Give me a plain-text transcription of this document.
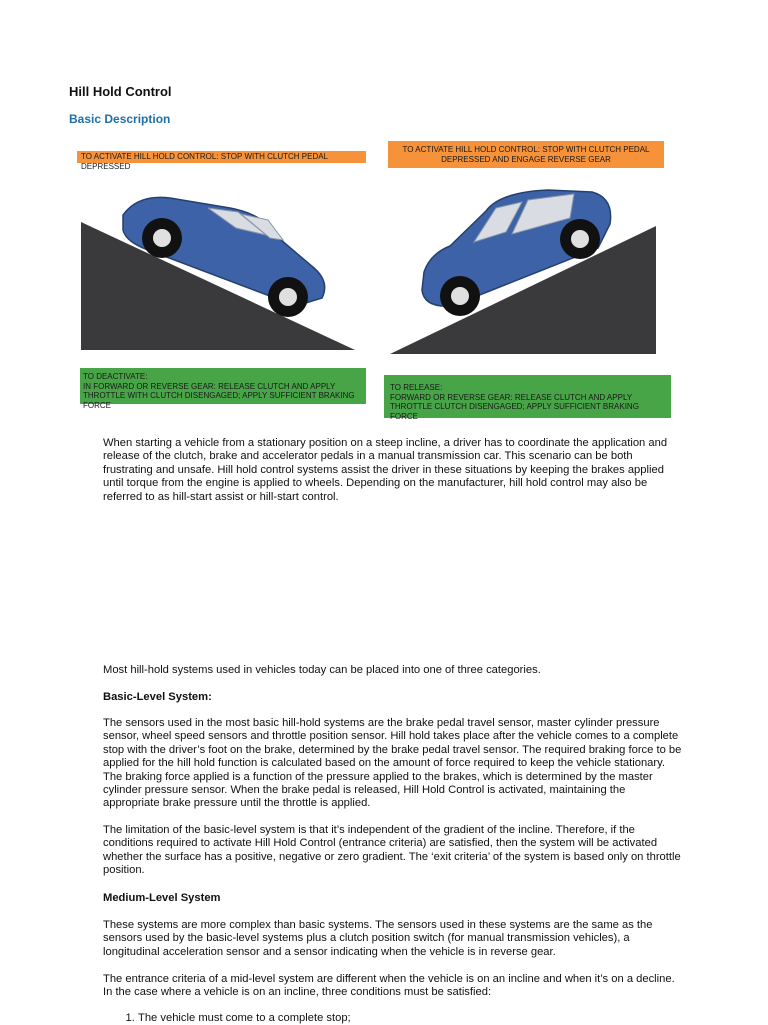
Hill Hold Control
Basic Description
TO ACTIVATE HILL HOLD CONTROL: STOP WITH CLUTCH PEDAL DEPRESSED
TO ACTIVATE HILL HOLD CONTROL: STOP WITH CLUTCH PEDAL DEPRESSED AND ENGAGE REVERSE GEAR
TO DEACTIVATE:
IN FORWARD OR REVERSE GEAR: RELEASE CLUTCH AND APPLY THROTTLE WITH CLUTCH DISENGAGED; APPLY SUFFICIENT BRAKING FORCE
TO RELEASE:
FORWARD OR REVERSE GEAR: RELEASE CLUTCH AND APPLY THROTTLE CLUTCH DISENGAGED; APPLY SUFFICIENT BRAKING FORCE

When starting a vehicle from a stationary position on a steep incline, a driver has to coordinate the application and release of the clutch, brake and accelerator pedals in a manual transmission car. This scenario can be both frustrating and unsafe. Hill hold control systems assist the driver in these situations by keeping the brakes applied until torque from the engine is applied to wheels. Depending on the manufacturer, hill hold control may also be referred to as hill-start assist or hill-start control.

Most hill-hold systems used in vehicles today can be placed into one of three categories.

Basic-Level System:

The sensors used in the most basic hill-hold systems are the brake pedal travel sensor, master cylinder pressure sensor, wheel speed sensors and throttle position sensor. Hill hold takes place after the vehicle comes to a complete stop with the driver’s foot on the brake, determined by the brake pedal travel sensor. The required braking force to be applied for the hill hold function is calculated based on the amount of force required to keep the vehicle stationary. The braking force applied is a function of the pressure applied to the brakes, which is determined by the master cylinder pressure sensor. When the brake pedal is released, Hill Hold Control is activated, maintaining the appropriate brake pressure until the throttle is applied.

The limitation of the basic-level system is that it’s independent of the gradient of the incline. Therefore, if the conditions required to activate Hill Hold Control (entrance criteria) are satisfied, then the system will be activated whether the surface has a positive, negative or zero gradient. The ‘exit criteria’ of the system is based only on throttle position.

Medium-Level System

These systems are more complex than basic systems. The sensors used in these systems are the same as the sensors used by the basic-level systems plus a clutch position switch (for manual transmission vehicles), a longitudinal acceleration sensor and a sensor indicating when the vehicle is in reverse gear.

The entrance criteria of a mid-level system are different when the vehicle is on an incline and when it’s on a decline. In the case where a vehicle is on an incline, three conditions must be satisfied:

1. The vehicle must come to a complete stop;
